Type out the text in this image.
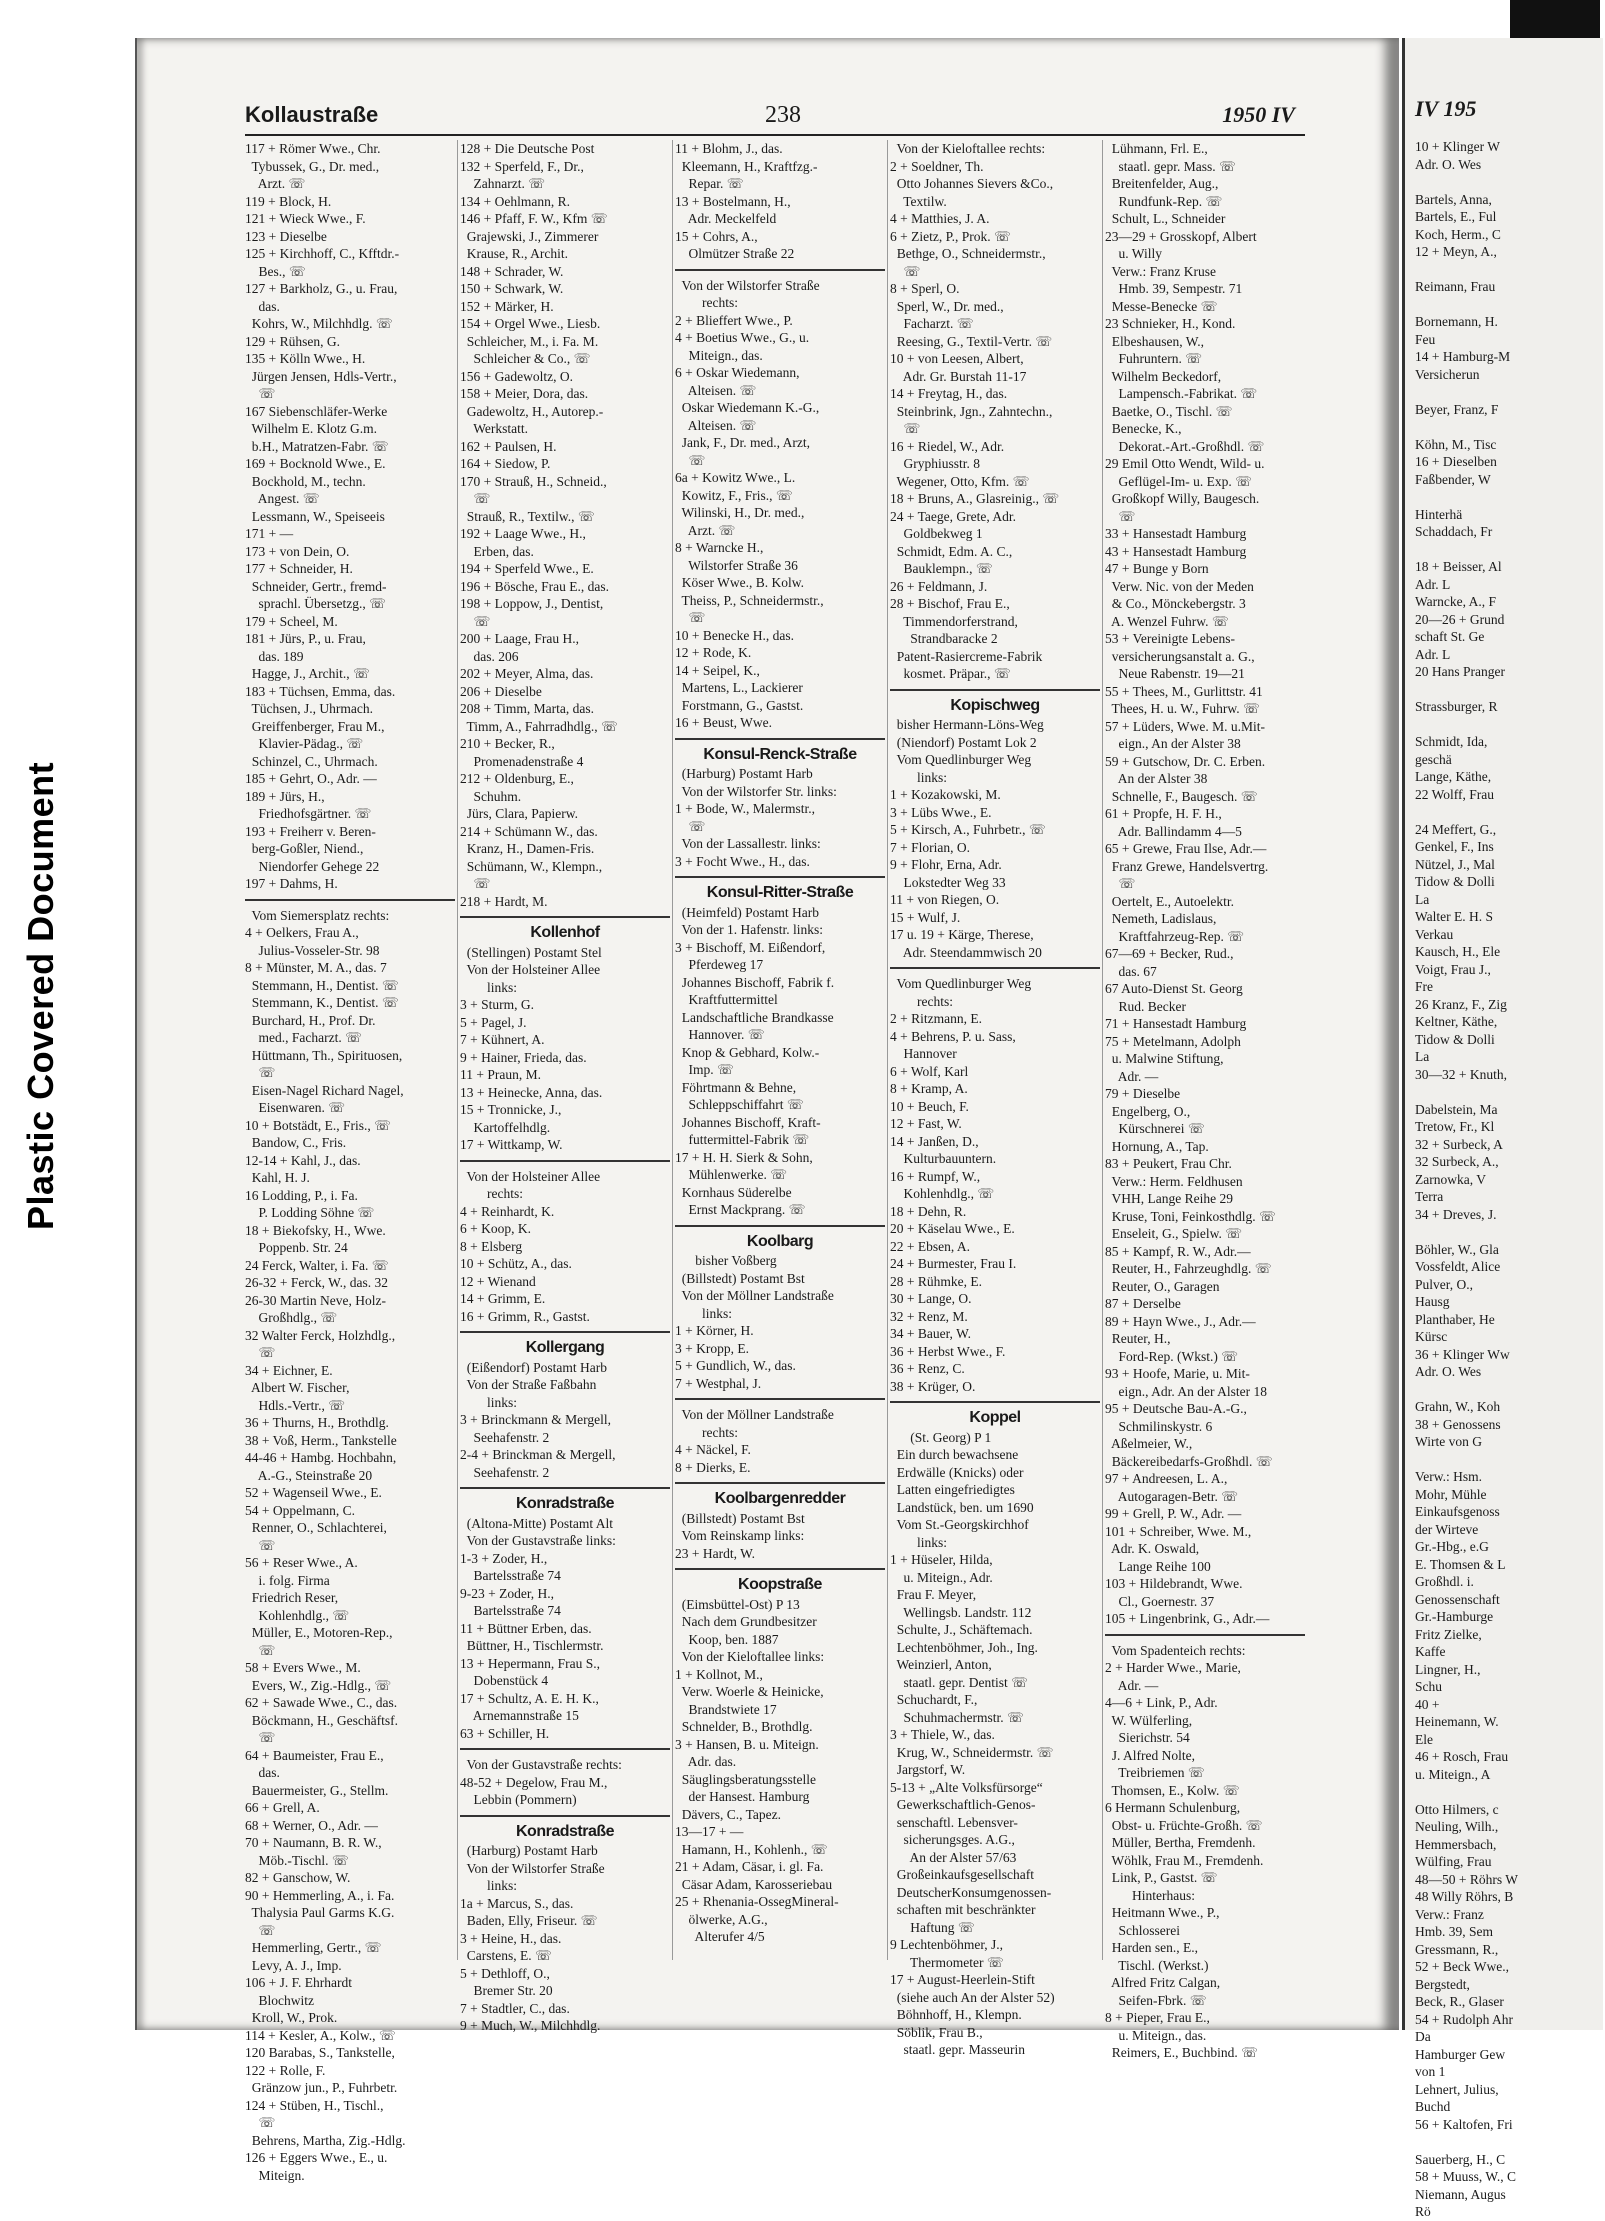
Plastic Covered Document
Kollaustraße	238	1950 IV
117 + Römer Wwe., Chr.
Tybussek, G., Dr. med.,
Arzt. ☏
119 + Block, H.
121 + Wieck Wwe., F.
123 + Dieselbe
125 + Kirchhoff, C., Kfftdr.-
Bes., ☏
127 + Barkholz, G., u. Frau,
das.
Kohrs, W., Milchhdlg. ☏
129 + Rühsen, G.
135 + Kölln Wwe., H.
Jürgen Jensen, Hdls-Vertr.,
☏
167 Siebenschläfer-Werke
Wilhelm E. Klotz G.m.
b.H., Matratzen-Fabr. ☏
169 + Bocknold Wwe., E.
Bockhold, M., techn.
Angest. ☏
Lessmann, W., Speiseeis
171 + —
173 + von Dein, O.
177 + Schneider, H.
Schneider, Gertr., fremd-
sprachl. Übersetzg., ☏
179 + Scheel, M.
181 + Jürs, P., u. Frau,
das. 189
Hagge, J., Archit., ☏
183 + Tüchsen, Emma, das.
Tüchsen, J., Uhrmach.
Greiffenberger, Frau M.,
Klavier-Pädag., ☏
Schinzel, C., Uhrmach.
185 + Gehrt, O., Adr. —
189 + Jürs, H.,
Friedhofsgärtner. ☏
193 + Freiherr v. Beren-
berg-Goßler, Niend.,
Niendorfer Gehege 22
197 + Dahms, H.
Vom Siemersplatz rechts:
4 + Oelkers, Frau A.,
Julius-Vosseler-Str. 98
8 + Münster, M. A., das. 7
Stemmann, H., Dentist. ☏
Stemmann, K., Dentist. ☏
Burchard, H., Prof. Dr.
med., Facharzt. ☏
Hüttmann, Th., Spirituosen,
☏
Eisen-Nagel Richard Nagel,
Eisenwaren. ☏
10 + Botstädt, E., Fris., ☏
Bandow, C., Fris.
12-14 + Kahl, J., das.
Kahl, H. J.
16 Lodding, P., i. Fa.
P. Lodding Söhne ☏
18 + Biekofsky, H., Wwe.
Poppenb. Str. 24
24 Ferck, Walter, i. Fa. ☏
26-32 + Ferck, W., das. 32
26-30 Martin Neve, Holz-
Großhdlg., ☏
32 Walter Ferck, Holzhdlg.,
☏
34 + Eichner, E.
Albert W. Fischer,
Hdls.-Vertr., ☏
36 + Thurns, H., Brothdlg.
38 + Voß, Herm., Tankstelle
44-46 + Hambg. Hochbahn,
A.-G., Steinstraße 20
52 + Wagenseil Wwe., E.
54 + Oppelmann, C.
Renner, O., Schlachterei,
☏
56 + Reser Wwe., A.
i. folg. Firma
Friedrich Reser,
Kohlenhdlg., ☏
Müller, E., Motoren-Rep.,
☏
58 + Evers Wwe., M.
Evers, W., Zig.-Hdlg., ☏
62 + Sawade Wwe., C., das.
Böckmann, H., Geschäftsf.
☏
64 + Baumeister, Frau E.,
das.
Bauermeister, G., Stellm.
66 + Grell, A.
68 + Werner, O., Adr. —
70 + Naumann, B. R. W.,
Möb.-Tischl. ☏
82 + Ganschow, W.
90 + Hemmerling, A., i. Fa.
Thalysia Paul Garms K.G.
☏
Hemmerling, Gertr., ☏
Levy, A. J., Imp.
106 + J. F. Ehrhardt
Blochwitz
Kroll, W., Prok.
114 + Kesler, A., Kolw., ☏
120 Barabas, S., Tankstelle,
122 + Rolle, F.
Gränzow jun., P., Fuhrbetr.
124 + Stüben, H., Tischl.,
☏
Behrens, Martha, Zig.-Hdlg.
126 + Eggers Wwe., E., u.
Miteign.
128 + Die Deutsche Post
132 + Sperfeld, F., Dr.,
Zahnarzt. ☏
134 + Oehlmann, R.
146 + Pfaff, F. W., Kfm ☏
Grajewski, J., Zimmerer
Krause, R., Archit.
148 + Schrader, W.
150 + Schwark, W.
152 + Märker, H.
154 + Orgel Wwe., Liesb.
Schleicher, M., i. Fa. M.
Schleicher & Co., ☏
156 + Gadewoltz, O.
158 + Meier, Dora, das.
Gadewoltz, H., Autorep.-
Werkstatt.
162 + Paulsen, H.
164 + Siedow, P.
170 + Strauß, H., Schneid.,
☏
Strauß, R., Textilw., ☏
192 + Laage Wwe., H.,
Erben, das.
194 + Sperfeld Wwe., E.
196 + Bösche, Frau E., das.
198 + Loppow, J., Dentist,
☏
200 + Laage, Frau H.,
das. 206
202 + Meyer, Alma, das.
206 + Dieselbe
208 + Timm, Marta, das.
Timm, A., Fahrradhdlg., ☏
210 + Becker, R.,
Promenadenstraße 4
212 + Oldenburg, E.,
Schuhm.
Jürs, Clara, Papierw.
214 + Schümann W., das.
Kranz, H., Damen-Fris.
Schümann, W., Klempn.,
☏
218 + Hardt, M.
Kollenhof
(Stellingen) Postamt Stel
Von der Holsteiner Allee
links:
3 + Sturm, G.
5 + Pagel, J.
7 + Kühnert, A.
9 + Hainer, Frieda, das.
11 + Praun, M.
13 + Heinecke, Anna, das.
15 + Tronnicke, J.,
Kartoffelhdlg.
17 + Wittkamp, W.
Von der Holsteiner Allee
rechts:
4 + Reinhardt, K.
6 + Koop, K.
8 + Elsberg
10 + Schütz, A., das.
12 + Wienand
14 + Grimm, E.
16 + Grimm, R., Gastst.
Kollergang
(Eißendorf) Postamt Harb
Von der Straße Faßbahn
links:
3 + Brinckmann & Mergell,
Seehafenstr. 2
2-4 + Brinckman & Mergell,
Seehafenstr. 2
Konradstraße
(Altona-Mitte) Postamt Alt
Von der Gustavstraße links:
1-3 + Zoder, H.,
Bartelsstraße 74
9-23 + Zoder, H.,
Bartelsstraße 74
11 + Büttner Erben, das.
Büttner, H., Tischlermstr.
13 + Hepermann, Frau S.,
Dobenstück 4
17 + Schultz, A. E. H. K.,
Arnemannstraße 15
63 + Schiller, H.
Von der Gustavstraße rechts:
48-52 + Degelow, Frau M.,
Lebbin (Pommern)
Konradstraße
(Harburg) Postamt Harb
Von der Wilstorfer Straße
links:
1a + Marcus, S., das.
Baden, Elly, Friseur. ☏
3 + Heine, H., das.
Carstens, E. ☏
5 + Dethloff, O.,
Bremer Str. 20
7 + Stadtler, C., das.
9 + Much, W., Milchhdlg.
11 + Blohm, J., das.
Kleemann, H., Kraftfzg.-
Repar. ☏
13 + Bostelmann, H.,
Adr. Meckelfeld
15 + Cohrs, A.,
Olmützer Straße 22
Von der Wilstorfer Straße
rechts:
2 + Blieffert Wwe., P.
4 + Boetius Wwe., G., u.
Miteign., das.
6 + Oskar Wiedemann,
Alteisen. ☏
Oskar Wiedemann K.-G.,
Alteisen. ☏
Jank, F., Dr. med., Arzt,
☏
6a + Kowitz Wwe., L.
Kowitz, F., Fris., ☏
Wilinski, H., Dr. med.,
Arzt. ☏
8 + Warncke H.,
Wilstorfer Straße 36
Köser Wwe., B. Kolw.
Theiss, P., Schneidermstr.,
☏
10 + Benecke H., das.
12 + Rode, K.
14 + Seipel, K.,
Martens, L., Lackierer
Forstmann, G., Gastst.
16 + Beust, Wwe.
Konsul-Renck-Straße
(Harburg) Postamt Harb
Von der Wilstorfer Str. links:
1 + Bode, W., Malermstr.,
☏
Von der Lassallestr. links:
3 + Focht Wwe., H., das.
Konsul-Ritter-Straße
(Heimfeld) Postamt Harb
Von der 1. Hafenstr. links:
3 + Bischoff, M. Eißendorf,
Pferdeweg 17
Johannes Bischoff, Fabrik f.
Kraftfuttermittel
Landschaftliche Brandkasse
Hannover. ☏
Knop & Gebhard, Kolw.-
Imp. ☏
Föhrtmann & Behne,
Schleppschiffahrt ☏
Johannes Bischoff, Kraft-
futtermittel-Fabrik ☏
17 + H. H. Sierk & Sohn,
Mühlenwerke. ☏
Kornhaus Süderelbe
Ernst Mackprang. ☏
Koolbarg
bisher Voßberg
(Billstedt) Postamt Bst
Von der Möllner Landstraße
links:
1 + Körner, H.
3 + Kropp, E.
5 + Gundlich, W., das.
7 + Westphal, J.
Von der Möllner Landstraße
rechts:
4 + Näckel, F.
8 + Dierks, E.
Koolbargenredder
(Billstedt) Postamt Bst
Vom Reinskamp links:
23 + Hardt, W.
Koopstraße
(Eimsbüttel-Ost) P 13
Nach dem Grundbesitzer
Koop, ben. 1887
Von der Kieloftallee links:
1 + Kollnot, M.,
Verw. Woerle & Heinicke,
Brandstwiete 17
Schnelder, B., Brothdlg.
3 + Hansen, B. u. Miteign.
Adr. das.
Säuglingsberatungsstelle
der Hansest. Hamburg
Dävers, C., Tapez.
13—17 + —
Hamann, H., Kohlenh., ☏
21 + Adam, Cäsar, i. gl. Fa.
Cäsar Adam, Karosseriebau
25 + Rhenania-OssegMineral-
ölwerke, A.G.,
Alterufer 4/5
Von der Kieloftallee rechts:
2 + Soeldner, Th.
Otto Johannes Sievers &Co.,
Textilw.
4 + Matthies, J. A.
6 + Zietz, P., Prok. ☏
Bethge, O., Schneidermstr.,
☏
8 + Sperl, O.
Sperl, W., Dr. med.,
Facharzt. ☏
Reesing, G., Textil-Vertr. ☏
10 + von Leesen, Albert,
Adr. Gr. Burstah 11-17
14 + Freytag, H., das.
Steinbrink, Jgn., Zahntechn.,
☏
16 + Riedel, W., Adr.
Gryphiusstr. 8
Wegener, Otto, Kfm. ☏
18 + Bruns, A., Glasreinig., ☏
24 + Taege, Grete, Adr.
Goldbekweg 1
Schmidt, Edm. A. C.,
Bauklempn., ☏
26 + Feldmann, J.
28 + Bischof, Frau E.,
Timmendorferstrand,
Strandbaracke 2
Patent-Rasiercreme-Fabrik
kosmet. Präpar., ☏
Kopischweg
bisher Hermann-Löns-Weg
(Niendorf) Postamt Lok 2
Vom Quedlinburger Weg
links:
1 + Kozakowski, M.
3 + Lübs Wwe., E.
5 + Kirsch, A., Fuhrbetr., ☏
7 + Florian, O.
9 + Flohr, Erna, Adr.
Lokstedter Weg 33
11 + von Riegen, O.
15 + Wulf, J.
17 u. 19 + Kärge, Therese,
Adr. Steendammwisch 20
Vom Quedlinburger Weg
rechts:
2 + Ritzmann, E.
4 + Behrens, P. u. Sass,
Hannover
6 + Wolf, Karl
8 + Kramp, A.
10 + Beuch, F.
12 + Fast, W.
14 + Janßen, D.,
Kulturbauuntern.
16 + Rumpf, W.,
Kohlenhdlg., ☏
18 + Dehn, R.
20 + Käselau Wwe., E.
22 + Ebsen, A.
24 + Burmester, Frau I.
28 + Rühmke, E.
30 + Lange, O.
32 + Renz, M.
34 + Bauer, W.
36 + Herbst Wwe., F.
36 + Renz, C.
38 + Krüger, O.
Koppel
(St. Georg) P 1
Ein durch bewachsene
Erdwälle (Knicks) oder
Latten eingefriedigtes
Landstück, ben. um 1690
Vom St.-Georgskirchhof
links:
1 + Hüseler, Hilda,
u. Miteign., Adr.
Frau F. Meyer,
Wellingsb. Landstr. 112
Schulte, J., Schäftemach.
Lechtenböhmer, Joh., Ing.
Weinzierl, Anton,
staatl. gepr. Dentist ☏
Schuchardt, F.,
Schuhmachermstr. ☏
3 + Thiele, W., das.
Krug, W., Schneidermstr. ☏
Jargstorf, W.
5-13 + „Alte Volksfürsorge“
Gewerkschaftlich-Genos-
senschaftl. Lebensver-
sicherungsges. A.G.,
An der Alster 57/63
Großeinkaufsgesellschaft
DeutscherKonsumgenossen-
schaften mit beschränkter
Haftung ☏
9 Lechtenböhmer, J.,
Thermometer ☏
17 + August-Heerlein-Stift
(siehe auch An der Alster 52)
Böhnhoff, H., Klempn.
Söblik, Frau B.,
staatl. gepr. Masseurin
Lühmann, Frl. E.,
staatl. gepr. Mass. ☏
Breitenfelder, Aug.,
Rundfunk-Rep. ☏
Schult, L., Schneider
23—29 + Grosskopf, Albert
u. Willy
Verw.: Franz Kruse
Hmb. 39, Sempestr. 71
Messe-Benecke ☏
23 Schnieker, H., Kond.
Elbeshausen, W.,
Fuhruntern. ☏
Wilhelm Beckedorf,
Lampensch.-Fabrikat. ☏
Baetke, O., Tischl. ☏
Benecke, K.,
Dekorat.-Art.-Großhdl. ☏
29 Emil Otto Wendt, Wild- u.
Geflügel-Im- u. Exp. ☏
Großkopf Willy, Baugesch.
☏
33 + Hansestadt Hamburg
43 + Hansestadt Hamburg
47 + Bunge y Born
Verw. Nic. von der Meden
& Co., Mönckebergstr. 3
A. Wenzel Fuhrw. ☏
53 + Vereinigte Lebens-
versicherungsanstalt a. G.,
Neue Rabenstr. 19—21
55 + Thees, M., Gurlittstr. 41
Thees, H. u. W., Fuhrw. ☏
57 + Lüders, Wwe. M. u.Mit-
eign., An der Alster 38
59 + Gutschow, Dr. C. Erben.
An der Alster 38
Schnelle, F., Baugesch. ☏
61 + Propfe, H. F. H.,
Adr. Ballindamm 4—5
65 + Grewe, Frau Ilse, Adr.—
Franz Grewe, Handelsvertrg.
☏
Oertelt, E., Autoelektr.
Nemeth, Ladislaus,
Kraftfahrzeug-Rep. ☏
67—69 + Becker, Rud.,
das. 67
67 Auto-Dienst St. Georg
Rud. Becker
71 + Hansestadt Hamburg
75 + Metelmann, Adolph
u. Malwine Stiftung,
Adr. —
79 + Dieselbe
Engelberg, O.,
Kürschnerei ☏
Hornung, A., Tap.
83 + Peukert, Frau Chr.
Verw.: Herm. Feldhusen
VHH, Lange Reihe 29
Kruse, Toni, Feinkosthdlg. ☏
Enseleit, G., Spielw. ☏
85 + Kampf, R. W., Adr.—
Reuter, H., Fahrzeughdlg. ☏
Reuter, O., Garagen
87 + Derselbe
89 + Hayn Wwe., J., Adr.—
Reuter, H.,
Ford-Rep. (Wkst.) ☏
93 + Hoofe, Marie, u. Mit-
eign., Adr. An der Alster 18
95 + Deutsche Bau-A.-G.,
Schmilinskystr. 6
Aßelmeier, W.,
Bäckereibedarfs-Großhdl. ☏
97 + Andreesen, L. A.,
Autogaragen-Betr. ☏
99 + Grell, P. W., Adr. —
101 + Schreiber, Wwe. M.,
Adr. K. Oswald,
Lange Reihe 100
103 + Hildebrandt, Wwe.
Cl., Goernestr. 37
105 + Lingenbrink, G., Adr.—
Vom Spadenteich rechts:
2 + Harder Wwe., Marie,
Adr. —
4—6 + Link, P., Adr.
W. Wülferling,
Sierichstr. 54
J. Alfred Nolte,
Treibriemen ☏
Thomsen, E., Kolw. ☏
6 Hermann Schulenburg,
Obst- u. Früchte-Großh. ☏
Müller, Bertha, Fremdenh.
Wöhlk, Frau M., Fremdenh.
Link, P., Gastst. ☏
Hinterhaus:
Heitmann Wwe., P.,
Schlosserei
Harden sen., E.,
Tischl. (Werkst.)
Alfred Fritz Calgan,
Seifen-Fbrk. ☏
8 + Pieper, Frau E.,
u. Miteign., das.
Reimers, E., Buchbind. ☏
IV 195
10 + Klinger W
Adr. O. Wes

Bartels, Anna,
Bartels, E., Ful
Koch, Herm., C
12 + Meyn, A.,

Reimann, Frau

Bornemann, H.
Feu
14 + Hamburg-M
Versicherun

Beyer, Franz, F

Köhn, M., Tisc
16 + Dieselben
Faßbender, W

Hinterhä
Schaddach, Fr

18 + Beisser, Al
Adr. L
Warncke, A., F
20—26 + Grund
schaft St. Ge
Adr. L
20 Hans Pranger

Strassburger, R

Schmidt, Ida,
geschä
Lange, Käthe,
22 Wolff, Frau

24 Meffert, G.,
Genkel, F., Ins
Nützel, J., Mal
Tidow & Dolli
La
Walter E. H. S
Verkau
Kausch, H., Ele
Voigt, Frau J.,
Fre
26 Kranz, F., Zig
Keltner, Käthe,
Tidow & Dolli
La
30—32 + Knuth,

Dabelstein, Ma
Tretow, Fr., Kl
32 + Surbeck, A
32 Surbeck, A.,
Zarnowka, V
Terra
34 + Dreves, J.

Böhler, W., Gla
Vossfeldt, Alice
Pulver, O.,
Hausg
Planthaber, He
Kürsc
36 + Klinger Ww
Adr. O. Wes

Grahn, W., Koh
38 + Genossens
Wirte von G

Verw.: Hsm.
Mohr, Mühle
Einkaufsgenoss
der Wirteve
Gr.-Hbg., e.G
E. Thomsen & L
Großhdl. i.
Genossenschaft
Gr.-Hamburge
Fritz Zielke,
Kaffe
Lingner, H.,
Schu
40 +
Heinemann, W.
Ele
46 + Rosch, Frau
u. Miteign., A

Otto Hilmers, c
Neuling, Wilh.,
Hemmersbach,
Wülfing, Frau
48—50 + Röhrs W
48 Willy Röhrs, B
Verw.: Franz
Hmb. 39, Sem
Gressmann, R.,
52 + Beck Wwe.,
Bergstedt,
Beck, R., Glaser
54 + Rudolph Ahr
Da
Hamburger Gew
von 1
Lehnert, Julius,
Buchd
56 + Kaltofen, Fri

Sauerberg, H., C
58 + Muuss, W., C
Niemann, Augus
Rö
